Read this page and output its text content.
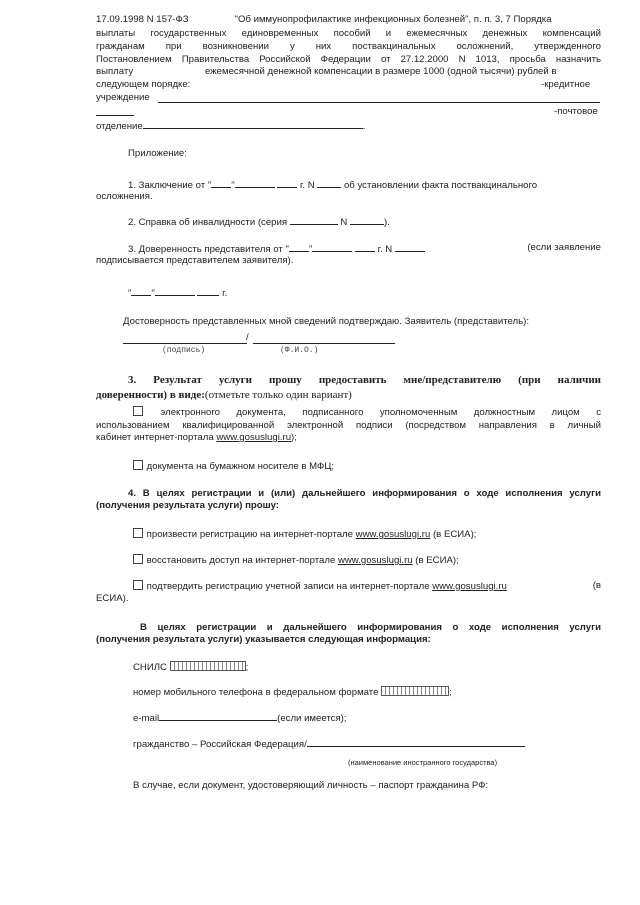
17.09.1998 N 157-ФЗ	"Об иммунопрофилактике инфекционных болезней", п. п. 3, 7 Порядка
выплаты государственных единовременных пособий и ежемесячных денежных компенсаций
гражданам при возникновении у них поствакцинальных осложнений, утвержденного
Постановлением Правительства Российской Федерации от 27.12.2000 N 1013, просьба назначить
выплату	ежемесячной денежной компенсации в размере 1000 (одной тысячи) рублей в
следующем порядке:	-кредитное
учреждение
-почтовое
отделение	.
Приложение:
1. Заключение от " "	г. N	об установлении факта поствакцинального
осложнения.
2. Справка об инвалидности (серия	N	).
3. Доверенность представителя от " "	г. N	(если заявление
подписывается представителем заявителя).
" "	г.
Достоверность представленных мной сведений подтверждаю. Заявитель (представитель):
/
(подпись)	(Ф.И.О.)
3. Результат услуги прошу предоставить мне/представителю (при наличии
доверенности) в виде:(отметьте только один вариант)
электронного документа, подписанного уполномоченным должностным лицом с
использованием квалифицированной электронной подписи (посредством направления в личный
кабинет интернет-портала www.gosuslugi.ru);
документа на бумажном носителе в МФЦ;
4. В целях регистрации и (или) дальнейшего информирования о ходе исполнения услуги
(получения результата услуги) прошу:
произвести регистрацию на интернет-портале www.gosuslugi.ru (в ЕСИА);
восстановить доступ на интернет-портале www.gosuslugi.ru (в ЕСИА);
подтвердить регистрацию учетной записи на интернет-портале www.gosuslugi.ru	(в
ЕСИА).
В целях регистрации и дальнейшего информирования о ходе исполнения услуги
(получения результата услуги) указывается следующая информация:
СНИЛС	;
номер мобильного телефона в федеральном формате	;
e-mail	(если имеется);
гражданство – Российская Федерация/
(наименование иностранного государства)
В случае, если документ, удостоверяющий личность – паспорт гражданина РФ:
